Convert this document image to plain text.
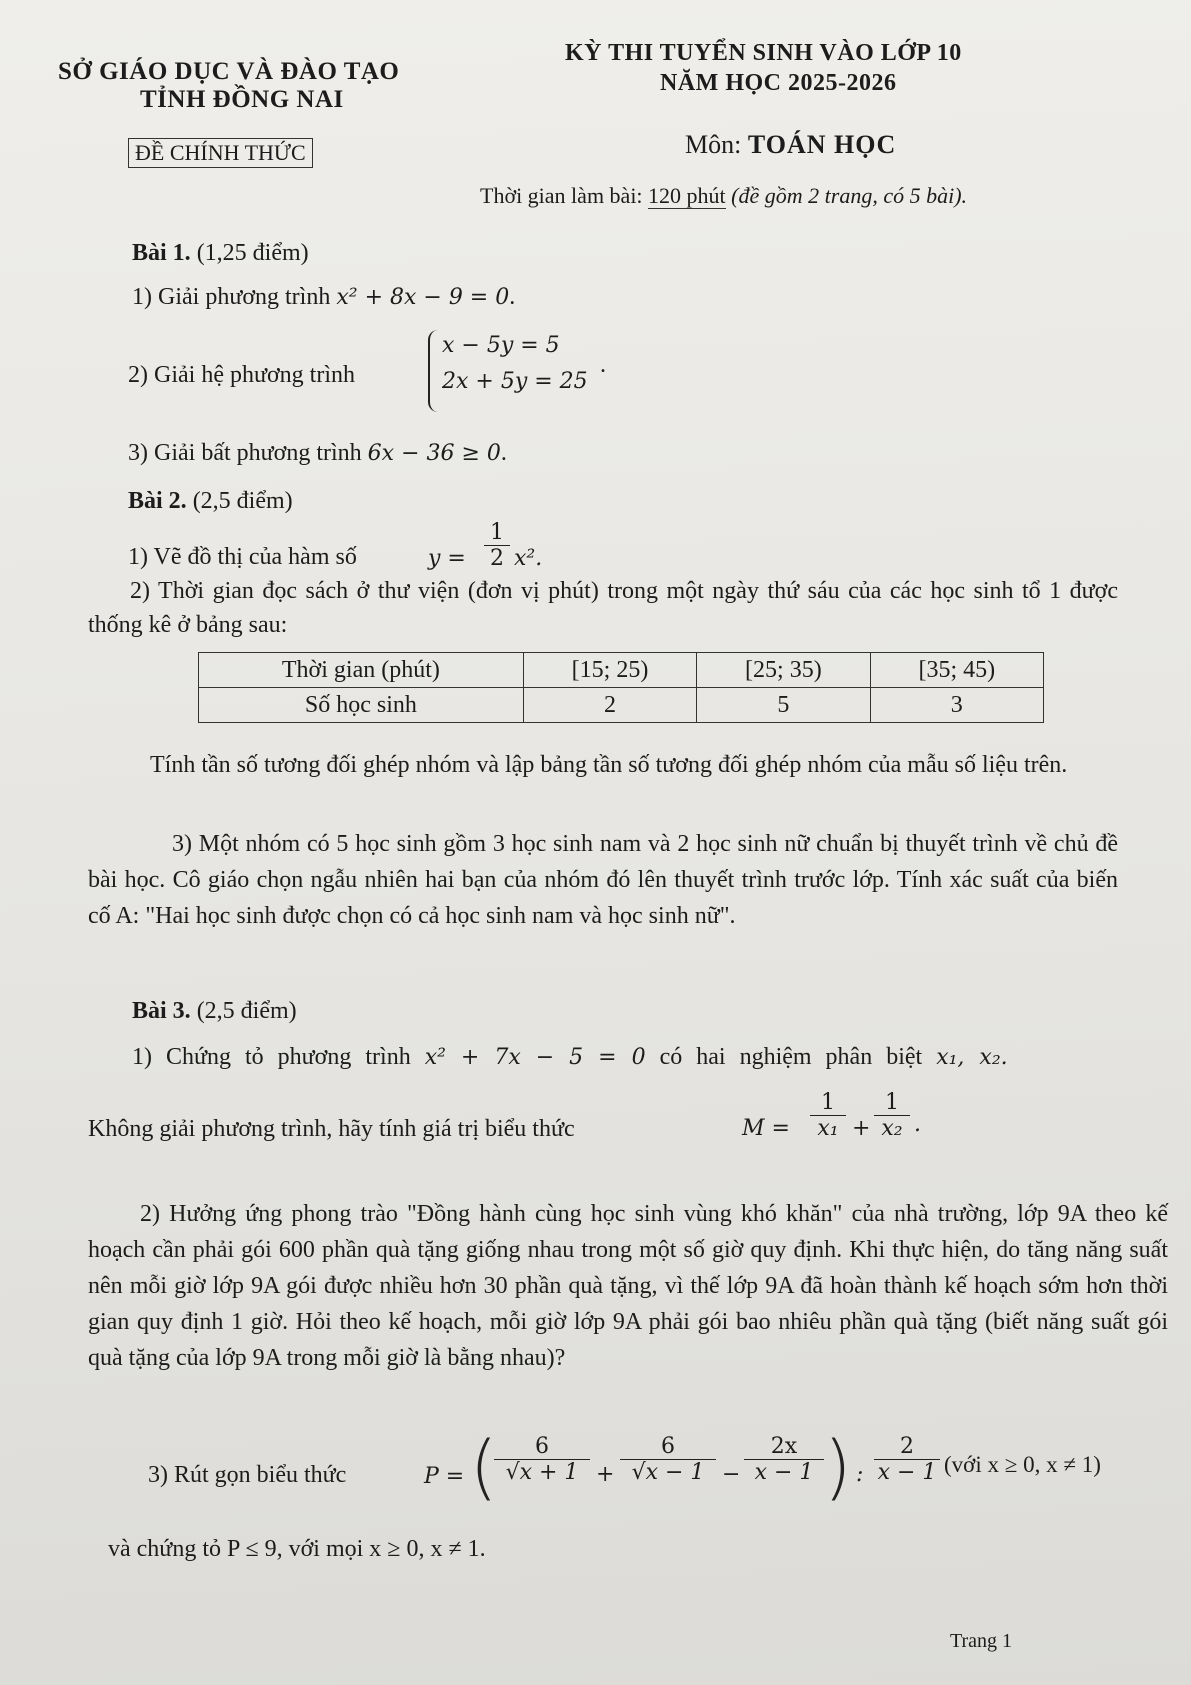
SỞ GIÁO DỤC VÀ ĐÀO TẠO
TỈNH ĐỒNG NAI
KỲ THI TUYỂN SINH VÀO LỚP 10
NĂM HỌC 2025-2026
ĐỀ CHÍNH THỨC	Môn: TOÁN HỌC
Thời gian làm bài: 120 phút (đề gồm 2 trang, có 5 bài).
Bài 1. (1,25 điểm)
1) Giải phương trình x² + 8x − 9 = 0.
2) Giải hệ phương trình
x − 5y = 5
2x + 5y = 25
.
3) Giải bất phương trình 6x − 36 ≥ 0.
Bài 2. (2,5 điểm)
1) Vẽ đồ thị của hàm số	$y = \frac{1}{2} x^2$.
2) Thời gian đọc sách ở thư viện (đơn vị phút) trong một ngày thứ sáu của các học sinh tổ 1 được thống kê ở bảng sau:
Thời gian (phút)	[15; 25)	[25; 35)	[35; 45)
Số học sinh	2	5	3
Tính tần số tương đối ghép nhóm và lập bảng tần số tương đối ghép nhóm của mẫu số liệu trên.
3) Một nhóm có 5 học sinh gồm 3 học sinh nam và 2 học sinh nữ chuẩn bị thuyết trình về chủ đề bài học. Cô giáo chọn ngẫu nhiên hai bạn của nhóm đó lên thuyết trình trước lớp. Tính xác suất của biến cố A: "Hai học sinh được chọn có cả học sinh nam và học sinh nữ".
Bài 3. (2,5 điểm)
1) Chứng tỏ phương trình x² + 7x − 5 = 0 có hai nghiệm phân biệt x₁, x₂.
Không giải phương trình, hãy tính giá trị biểu thức	$M = \frac{1}{\text{x₁}} + \frac{1}{\text{x₂}}$ .
2) Hưởng ứng phong trào "Đồng hành cùng học sinh vùng khó khăn" của nhà trường, lớp 9A theo kế hoạch cần phải gói 600 phần quà tặng giống nhau trong một số giờ quy định. Khi thực hiện, do tăng năng suất nên mỗi giờ lớp 9A gói được nhiều hơn 30 phần quà tặng, vì thế lớp 9A đã hoàn thành kế hoạch sớm hơn thời gian quy định 1 giờ. Hỏi theo kế hoạch, mỗi giờ lớp 9A phải gói bao nhiêu phần quà tặng (biết năng suất gói quà tặng của lớp 9A trong mỗi giờ là bằng nhau)?
3) Rút gọn biểu thức	P = (
$\frac{6}{√x + 1} + \frac{6}{√x - 1} - \frac{2x}{x - 1}$ ) : $\frac{2}{x - 1}$ (với x ≥ 0, x ≠ 1)
và chứng tỏ P ≤ 9, với mọi x ≥ 0, x ≠ 1.
Trang 1
